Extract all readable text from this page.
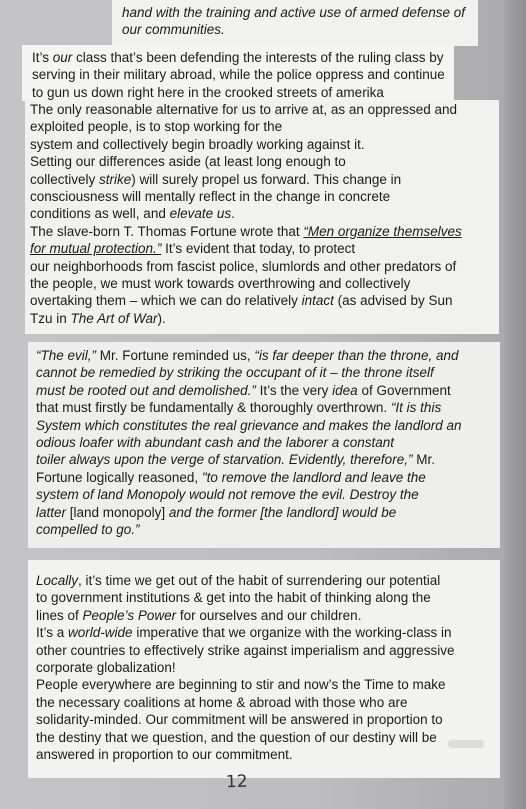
hand with the training and active use of armed defense of

our communities.

It’s our class that’s been defending the interests of the ruling class by

serving in their military abroad, while the police oppress and continue

to gun us down right here in the crooked streets of amerika

The only reasonable alternative for us to arrive at, as an oppressed and

exploited people, is to stop working for the

system and collectively begin broadly working against it.

Setting our differences aside (at least long enough to

collectively strike) will surely propel us forward. This change in

consciousness will mentally reflect in the change in concrete

conditions as well, and elevate us.

The slave-born T. Thomas Fortune wrote that “Men organize themselves

for mutual protection.” It’s evident that today, to protect

our neighborhoods from fascist police, slumlords and other predators of

the people, we must work towards overthrowing and collectively

overtaking them – which we can do relatively intact (as advised by Sun

Tzu in The Art of War).

“The evil,” Mr. Fortune reminded us, “is far deeper than the throne, and

cannot be remedied by striking the occupant of it – the throne itself

must be rooted out and demolished.” It’s the very idea of Government

that must firstly be fundamentally & thoroughly overthrown. “It is this

System which constitutes the real grievance and makes the landlord an

odious loafer with abundant cash and the laborer a constant

toiler always upon the verge of starvation. Evidently, therefore,” Mr.

Fortune logically reasoned, "to remove the landlord and leave the

system of land Monopoly would not remove the evil. Destroy the

latter [land monopoly] and the former [the landlord] would be

compelled to go.”

Locally, it’s time we get out of the habit of surrendering our potential

to government institutions & get into the habit of thinking along the

lines of People’s Power for ourselves and our children.

It’s a world-wide imperative that we organize with the working-class in

other countries to effectively strike against imperialism and aggressive

corporate globalization!

People everywhere are beginning to stir and now’s the Time to make

the necessary coalitions at home & abroad with those who are

solidarity-minded. Our commitment will be answered in proportion to

the destiny that we question, and the question of our destiny will be

answered in proportion to our commitment.

12
